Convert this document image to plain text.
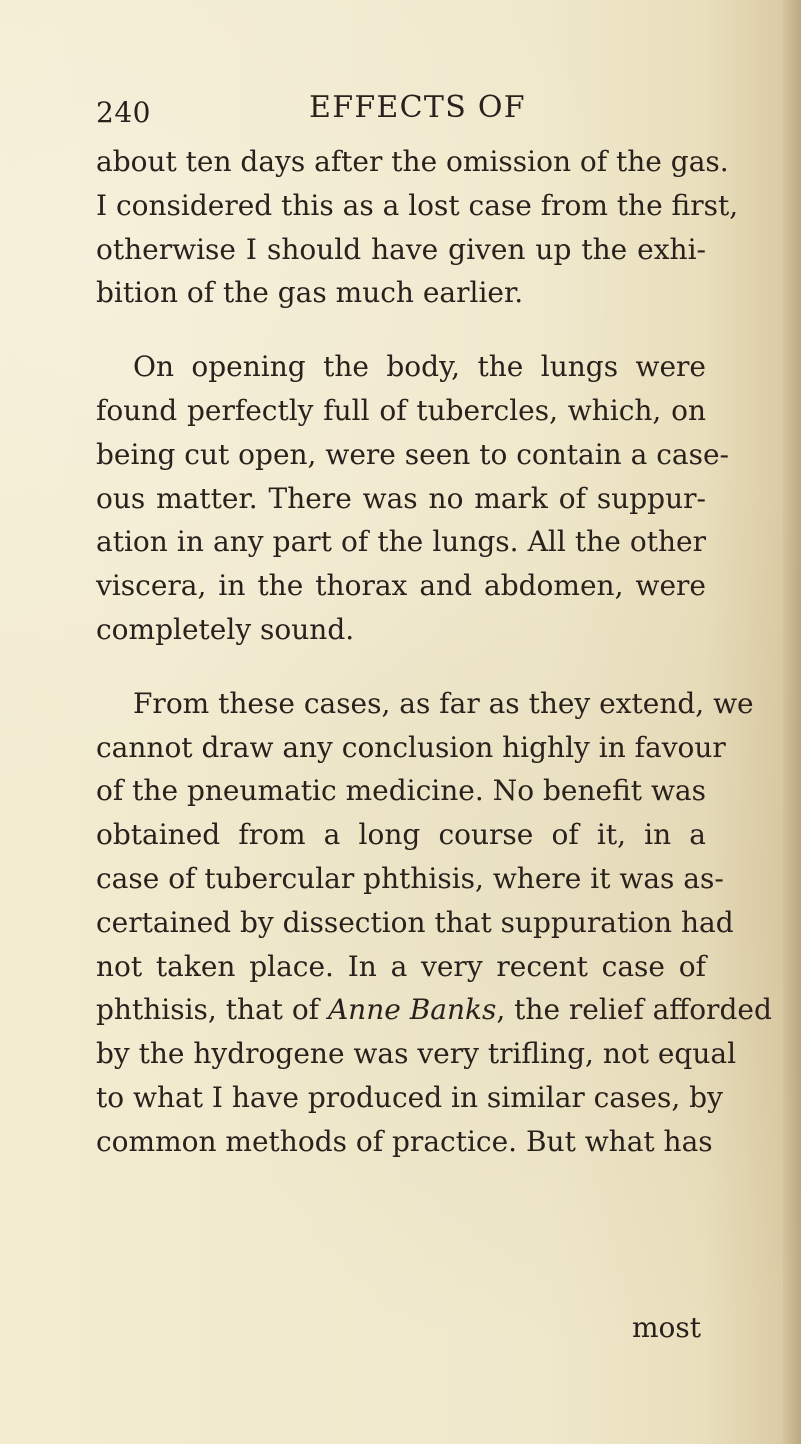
240	EFFECTS OF
about ten days after the omission of the gas.
I considered this as a lost case from the first,
otherwise I should have given up the exhi-
bition of the gas much earlier.
On opening the body, the lungs were
found perfectly full of tubercles, which, on
being cut open, were seen to contain a case-
ous matter. There was no mark of suppur-
ation in any part of the lungs. All the other
viscera, in the thorax and abdomen, were
completely sound.
From these cases, as far as they extend, we
cannot draw any conclusion highly in favour
of the pneumatic medicine. No benefit was
obtained from a long course of it, in a
case of tubercular phthisis, where it was as-
certained by dissection that suppuration had
not taken place. In a very recent case of
phthisis, that of Anne Banks, the relief afforded
by the hydrogene was very trifling, not equal
to what I have produced in similar cases, by
common methods of practice. But what has
most
